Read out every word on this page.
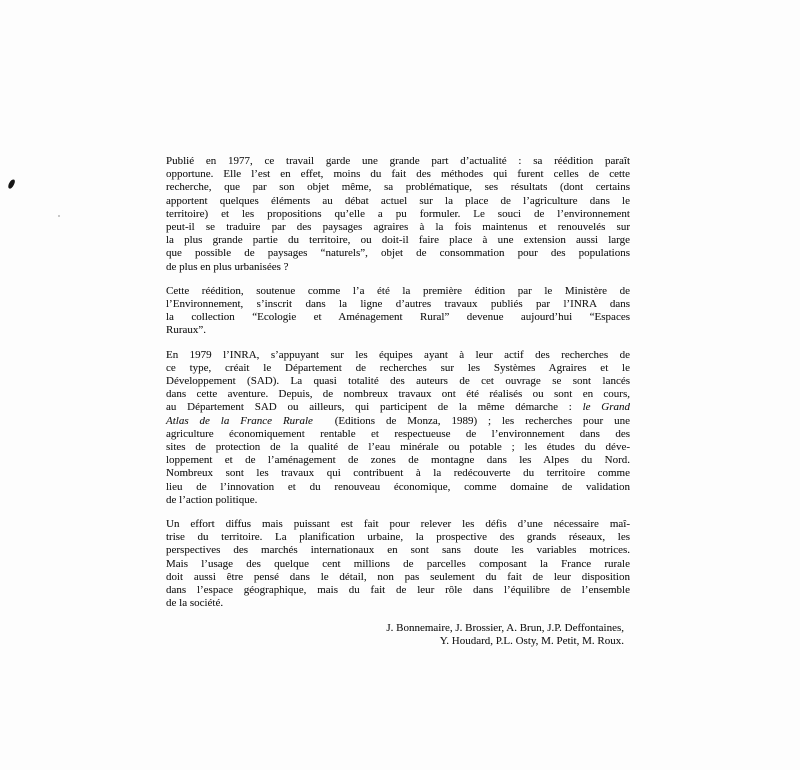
Publié en 1977, ce travail garde une grande part d’actualité : sa réédition paraît
opportune. Elle l’est en effet, moins du fait des méthodes qui furent celles de cette
recherche, que par son objet même, sa problématique, ses résultats (dont certains
apportent quelques éléments au débat actuel sur la place de l’agriculture dans le
territoire) et les propositions qu’elle a pu formuler. Le souci de l’environnement
peut-il se traduire par des paysages agraires à la fois maintenus et renouvelés sur
la plus grande partie du territoire, ou doit-il faire place à une extension aussi large
que possible de paysages “naturels”, objet de consommation pour des populations
de plus en plus urbanisées ?
Cette réédition, soutenue comme l’a été la première édition par le Ministère de
l’Environnement, s’inscrit dans la ligne d’autres travaux publiés par l’INRA dans
la collection “Ecologie et Aménagement Rural” devenue aujourd’hui “Espaces
Ruraux”.
En 1979 l’INRA, s’appuyant sur les équipes ayant à leur actif des recherches de
ce type, créait le Département de recherches sur les Systèmes Agraires et le
Développement (SAD). La quasi totalité des auteurs de cet ouvrage se sont lancés
dans cette aventure. Depuis, de nombreux travaux ont été réalisés ou sont en cours,
au Département SAD ou ailleurs, qui participent de la même démarche : le Grand
Atlas de la France Rurale  (Editions de Monza, 1989) ; les recherches pour une
agriculture économiquement rentable et respectueuse de l’environnement dans des
sites de protection de la qualité de l’eau minérale ou potable ; les études du déve-
loppement et de l’aménagement de zones de montagne dans les Alpes du Nord.
Nombreux sont les travaux qui contribuent à la redécouverte du territoire comme
lieu de l’innovation et du renouveau économique, comme domaine de validation
de l’action politique.
Un effort diffus mais puissant est fait pour relever les défis d’une nécessaire maî-
trise du territoire. La planification urbaine, la prospective des grands réseaux, les
perspectives des marchés internationaux en sont sans doute les variables motrices.
Mais l’usage des quelque cent millions de parcelles composant la France rurale
doit aussi être pensé dans le détail, non pas seulement du fait de leur disposition
dans l’espace géographique, mais du fait de leur rôle dans l’équilibre de l’ensemble
de la société.
J. Bonnemaire, J. Brossier, A. Brun, J.P. Deffontaines,
Y. Houdard, P.L. Osty, M. Petit, M. Roux.
